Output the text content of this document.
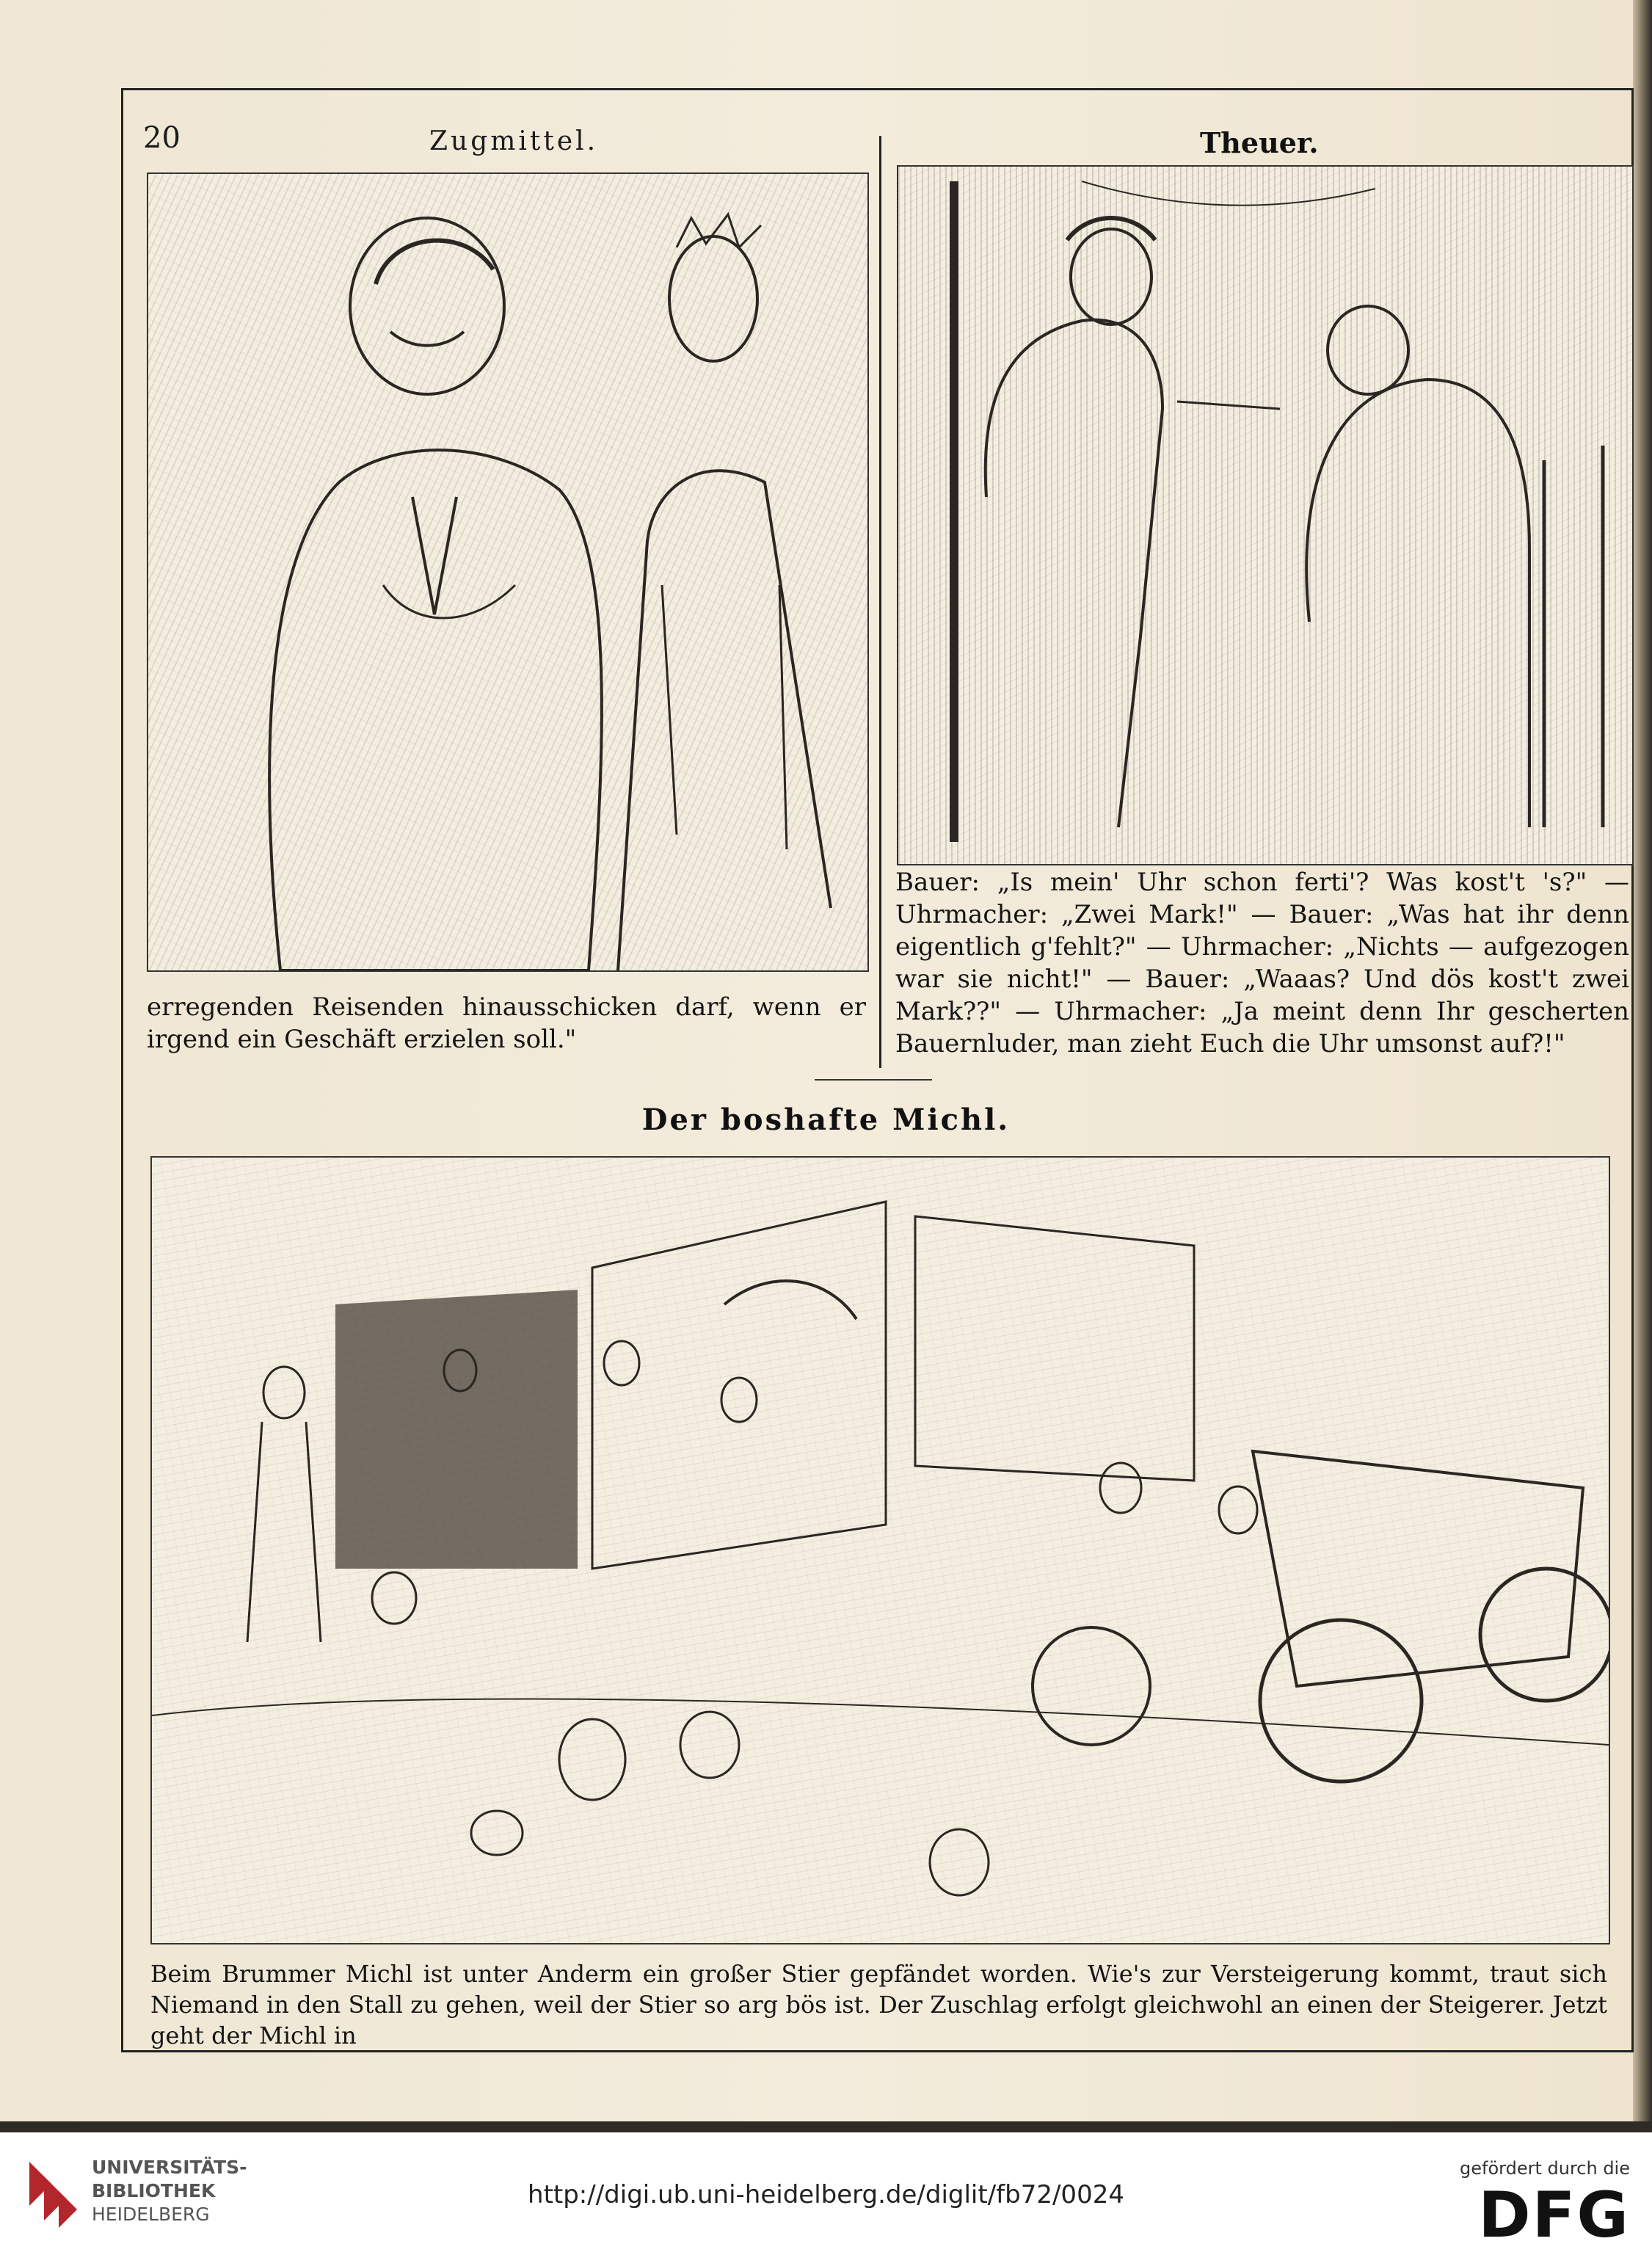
20	Zugmittel.	Theuer.
erregenden Reisenden hinausschicken darf, wenn er irgend ein Geschäft erzielen soll."
Bauer: „Is mein' Uhr schon ferti'? Was kost't 's?" — Uhrmacher: „Zwei Mark!" — Bauer: „Was hat ihr denn eigentlich g'fehlt?" — Uhrmacher: „Nichts — aufgezogen war sie nicht!" — Bauer: „Waaas? Und dös kost't zwei Mark??" — Uhrmacher: „Ja meint denn Ihr gescherten Bauernluder, man zieht Euch die Uhr umsonst auf?!"
Der boshafte Michl.
Beim Brummer Michl ist unter Anderm ein großer Stier gepfändet worden. Wie's zur Versteigerung kommt, traut sich Niemand in den Stall zu gehen, weil der Stier so arg bös ist. Der Zuschlag erfolgt gleichwohl an einen der Steigerer. Jetzt geht der Michl in
UNIVERSITÄTS-
BIBLIOTHEK
HEIDELBERG
http://digi.ub.uni-heidelberg.de/diglit/fb72/0024
gefördert durch die
DFG
